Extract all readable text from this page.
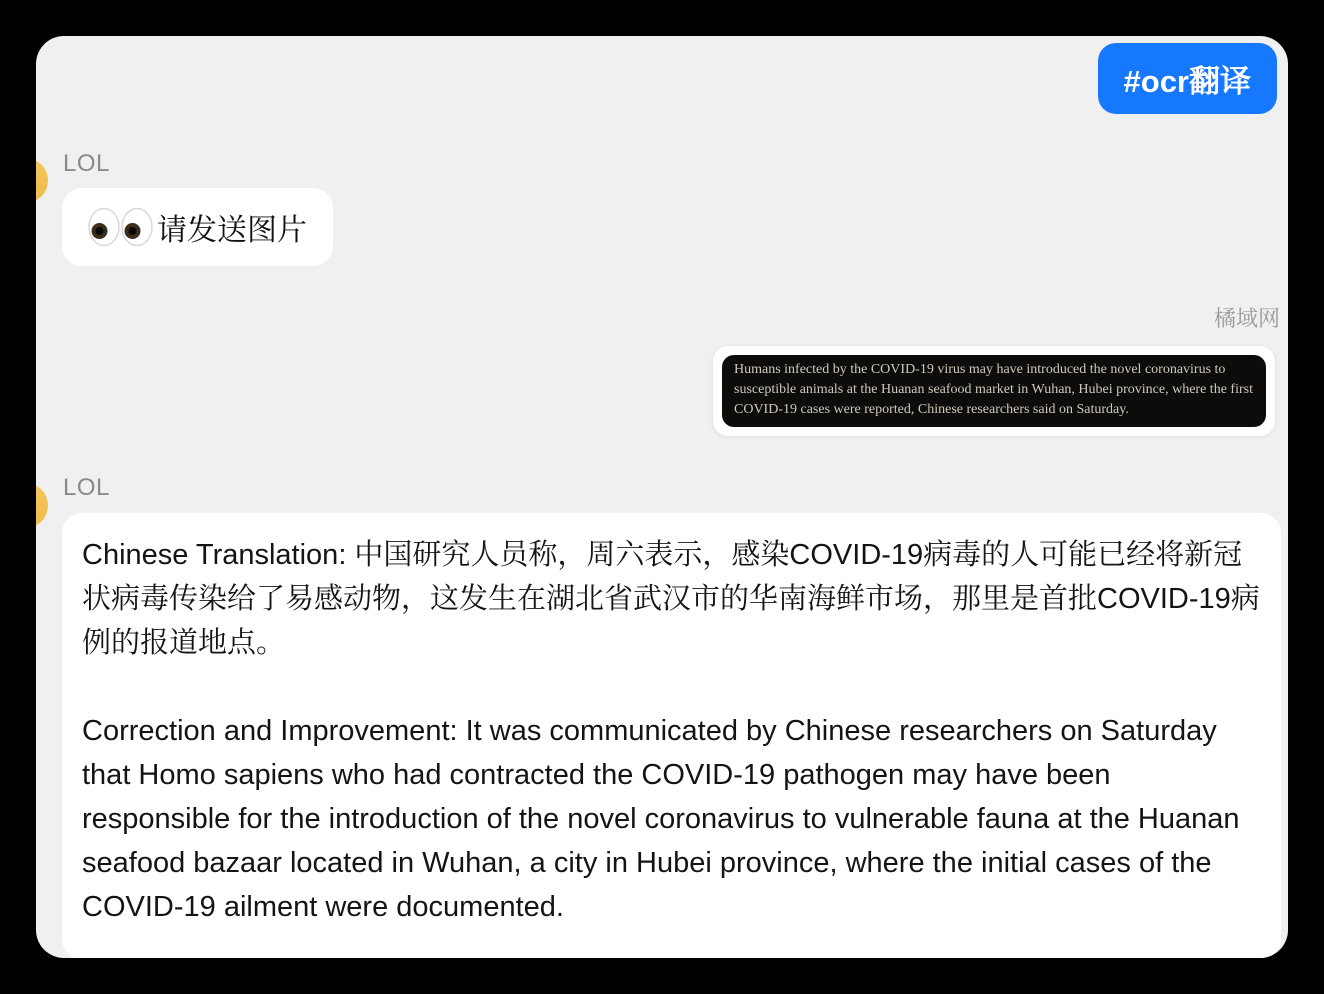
#ocr翻译
LOL
请发送图片
橘域网
Humans infected by the COVID-19 virus may have introduced the novel coronavirus to
susceptible animals at the Huanan seafood market in Wuhan, Hubei province, where the first
COVID-19 cases were reported, Chinese researchers said on Saturday.
LOL

Chinese Translation: 中国研究人员称，周六表示，感染COVID-19病毒的人可能已经将新冠状病毒传染给了易感动物，这发生在湖北省武汉市的华南海鲜市场，那里是首批COVID-19病例的报道地点。

Correction and Improvement: It was communicated by Chinese researchers on Saturday that Homo sapiens who had contracted the COVID-19 pathogen may have been responsible for the introduction of the novel coronavirus to vulnerable fauna at the Huanan seafood bazaar located in Wuhan, a city in Hubei province, where the initial cases of the COVID-19 ailment were documented.
